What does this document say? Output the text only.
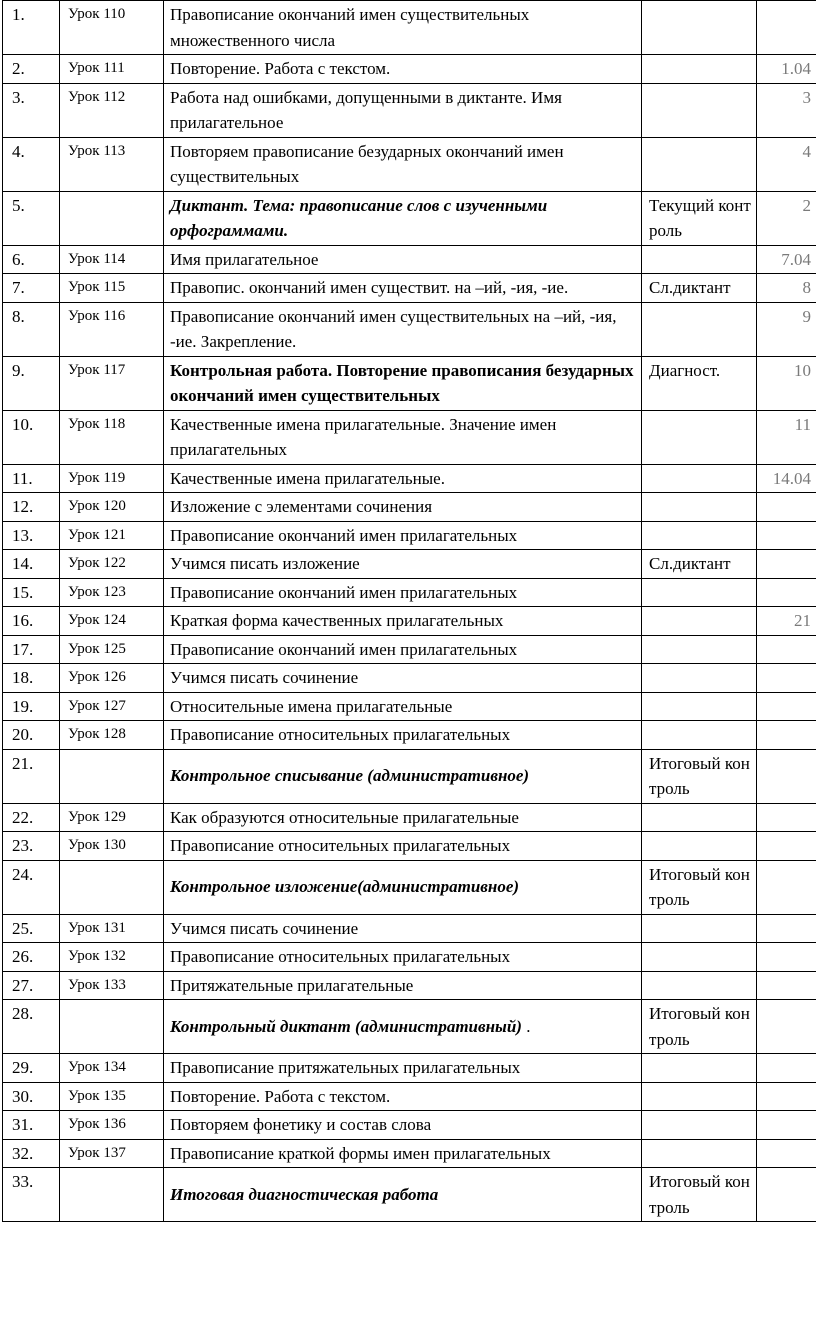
1.	Урок 110	Правописание окончаний имен существительных множественного числа		
2.	Урок 111	Повторение. Работа с текстом.		1.04
3.	Урок 112	Работа над ошибками, допущенными в диктанте. Имя прилагательное		3
4.	Урок 113	Повторяем правописание безударных окончаний имен существительных		4
5.		Диктант. Тема: правописание слов с изученными орфограммами.	Текущий контроль	2
6.	Урок 114	Имя прилагательное		7.04
7.	Урок 115	Правопис. окончаний имен существит. на –ий, -ия, -ие.	Сл.диктант	8
8.	Урок 116	Правописание окончаний имен существительных на –ий, -ия, -ие. Закрепление.		9
9.	Урок 117	Контрольная работа. Повторение правописания безударных окончаний имен существительных	Диагност.	10
10.	Урок 118	Качественные имена прилагательные. Значение имен прилагательных		11
11.	Урок 119	Качественные имена прилагательные.		14.04
12.	Урок 120	Изложение с элементами сочинения		
13.	Урок 121	Правописание окончаний имен прилагательных		
14.	Урок 122	Учимся писать изложение	Сл.диктант	
15.	Урок 123	Правописание окончаний имен прилагательных		
16.	Урок 124	Краткая форма качественных прилагательных		21
17.	Урок 125	Правописание окончаний имен прилагательных		
18.	Урок 126	Учимся писать сочинение		
19.	Урок 127	Относительные имена прилагательные		
20.	Урок 128	Правописание относительных прилагательных		
21.		Контрольное списывание (административное)	Итоговый контроль	
22.	Урок 129	Как образуются относительные прилагательные		
23.	Урок 130	Правописание относительных прилагательных		
24.		Контрольное изложение(административное)	Итоговый контроль	
25.	Урок 131	Учимся писать сочинение		
26.	Урок 132	Правописание относительных прилагательных		
27.	Урок 133	Притяжательные прилагательные		
28.		Контрольный диктант (административный) .	Итоговый контроль	
29.	Урок 134	Правописание притяжательных прилагательных		
30.	Урок 135	Повторение. Работа с текстом.		
31.	Урок 136	Повторяем фонетику и состав слова		
32.	Урок 137	Правописание краткой формы имен прилагательных		
33.		Итоговая диагностическая работа	Итоговый контроль	
